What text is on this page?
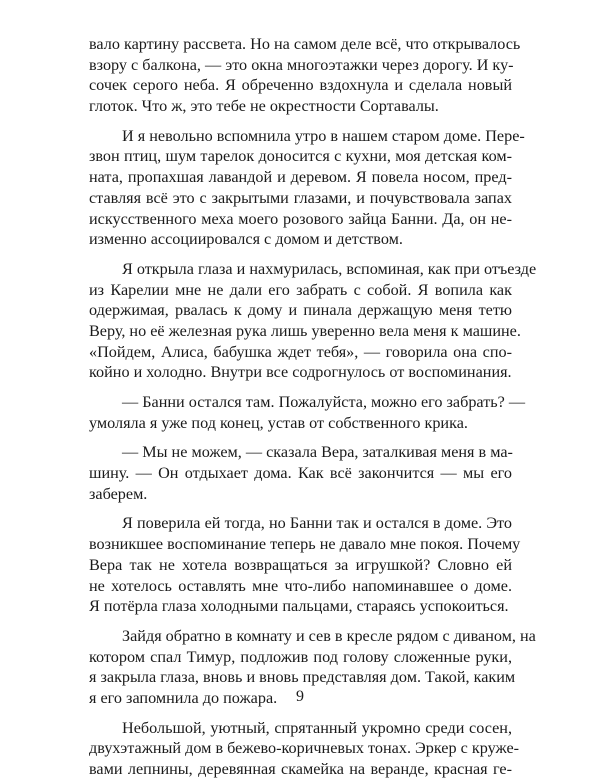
вало картину рассвета. Но на самом деле всё, что открывалось
взору с балкона, — это окна многоэтажки через дорогу. И ку-
сочек серого неба. Я обреченно вздохнула и сделала новый
глоток. Что ж, это тебе не окрестности Сортавалы.
И я невольно вспомнила утро в нашем старом доме. Пере-
звон птиц, шум тарелок доносится с кухни, моя детская ком-
ната, пропахшая лавандой и деревом. Я повела носом, пред-
ставляя всё это с закрытыми глазами, и почувствовала запах
искусственного меха моего розового зайца Банни. Да, он не-
изменно ассоциировался с домом и детством.
Я открыла глаза и нахмурилась, вспоминая, как при отъезде
из Карелии мне не дали его забрать с собой. Я вопила как
одержимая, рвалась к дому и пинала держащую меня тетю
Веру, но её железная рука лишь уверенно вела меня к машине.
«Пойдем, Алиса, бабушка ждет тебя», — говорила она спо-
койно и холодно. Внутри все содрогнулось от воспоминания.
— Банни остался там. Пожалуйста, можно его забрать? —
умоляла я уже под конец, устав от собственного крика.
— Мы не можем, — сказала Вера, заталкивая меня в ма-
шину. — Он отдыхает дома. Как всё закончится — мы его
заберем.
Я поверила ей тогда, но Банни так и остался в доме. Это
возникшее воспоминание теперь не давало мне покоя. Почему
Вера так не хотела возвращаться за игрушкой? Словно ей
не хотелось оставлять мне что-либо напоминавшее о доме.
Я потёрла глаза холодными пальцами, стараясь успокоиться.
Зайдя обратно в комнату и сев в кресле рядом с диваном, на
котором спал Тимур, подложив под голову сложенные руки,
я закрыла глаза, вновь и вновь представляя дом. Такой, каким
я его запомнила до пожара.
Небольшой, уютный, спрятанный укромно среди сосен,
двухэтажный дом в бежево-коричневых тонах. Эркер с круже-
вами лепнины, деревянная скамейка на веранде, красная ге-
9
